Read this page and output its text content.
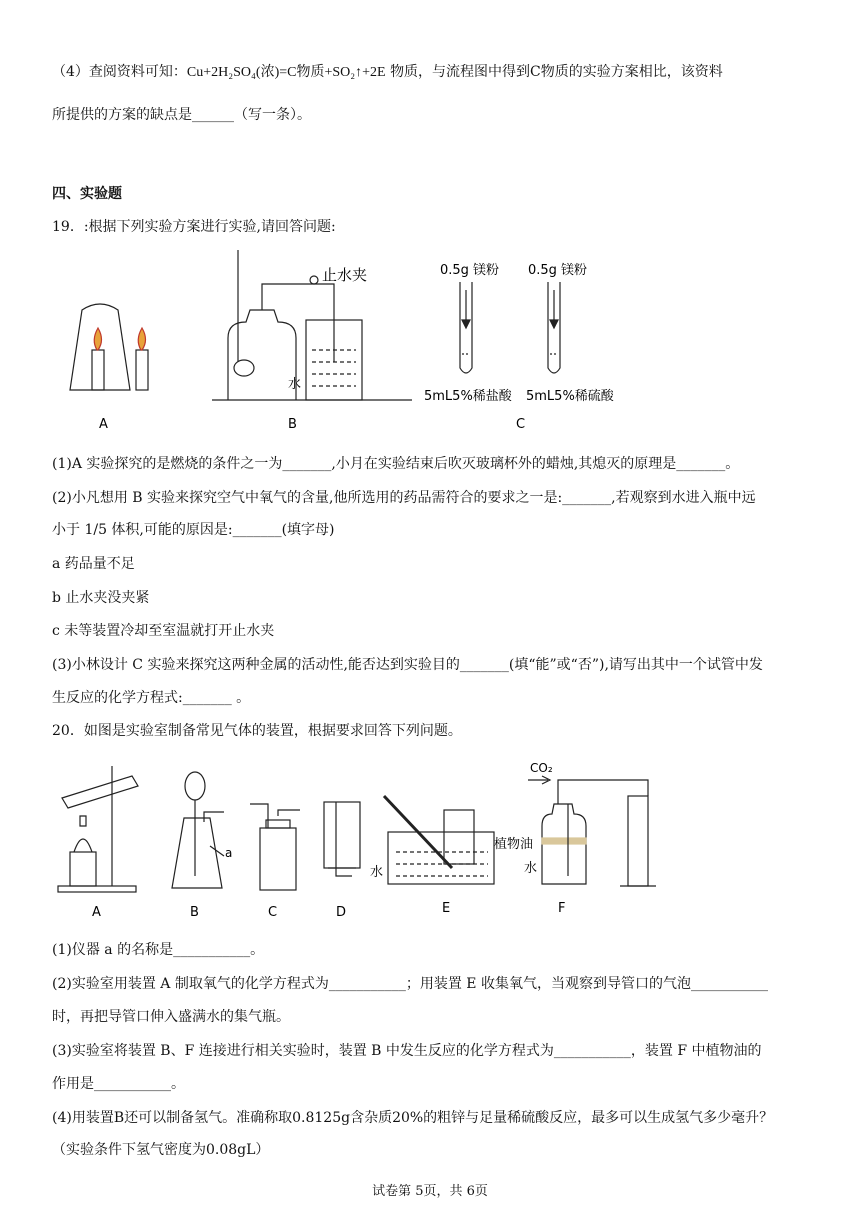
（4）查阅资料可知：Cu+2H₂SO₄(浓)=C物质+SO₂↑+2E 物质，与流程图中得到C物质的实验方案相比，该资料
所提供的方案的缺点是______（写一条）。
四、实验题
19．:根据下列实验方案进行实验,请回答问题:
A
止水夹
水
B
0.5g 镁粉 0.5g 镁粉
5mL5%稀盐酸 5mL5%稀硫酸
C
(1)A 实验探究的是燃烧的条件之一为_______,小月在实验结束后吹灭玻璃杯外的蜡烛,其熄灭的原理是_______。
(2)小凡想用 B 实验来探究空气中氧气的含量,他所选用的药品需符合的要求之一是:_______,若观察到水进入瓶中远
小于 1/5 体积,可能的原因是:_______(填字母)
a 药品量不足
b 止水夹没夹紧
c 未等装置冷却至室温就打开止水夹
(3)小林设计 C 实验来探究这两种金属的活动性,能否达到实验目的_______(填“能”或“否”),请写出其中一个试管中发
生反应的化学方程式:_______ 。
20．如图是实验室制备常见气体的装置，根据要求回答下列问题。
A
a
B	C	D
水
E
CO₂
植物油
水
F
(1)仪器 a 的名称是___________。
(2)实验室用装置 A 制取氧气的化学方程式为___________；用装置 E 收集氧气，当观察到导管口的气泡___________
时，再把导管口伸入盛满水的集气瓶。
(3)实验室将装置 B、F 连接进行相关实验时，装置 B 中发生反应的化学方程式为___________，装置 F 中植物油的
作用是___________。
(4)用装置B还可以制备氢气。准确称取0.8125g含杂质20%的粗锌与足量稀硫酸反应，最多可以生成氢气多少毫升？
（实验条件下氢气密度为0.08gL）
试卷第 5页，共 6页
